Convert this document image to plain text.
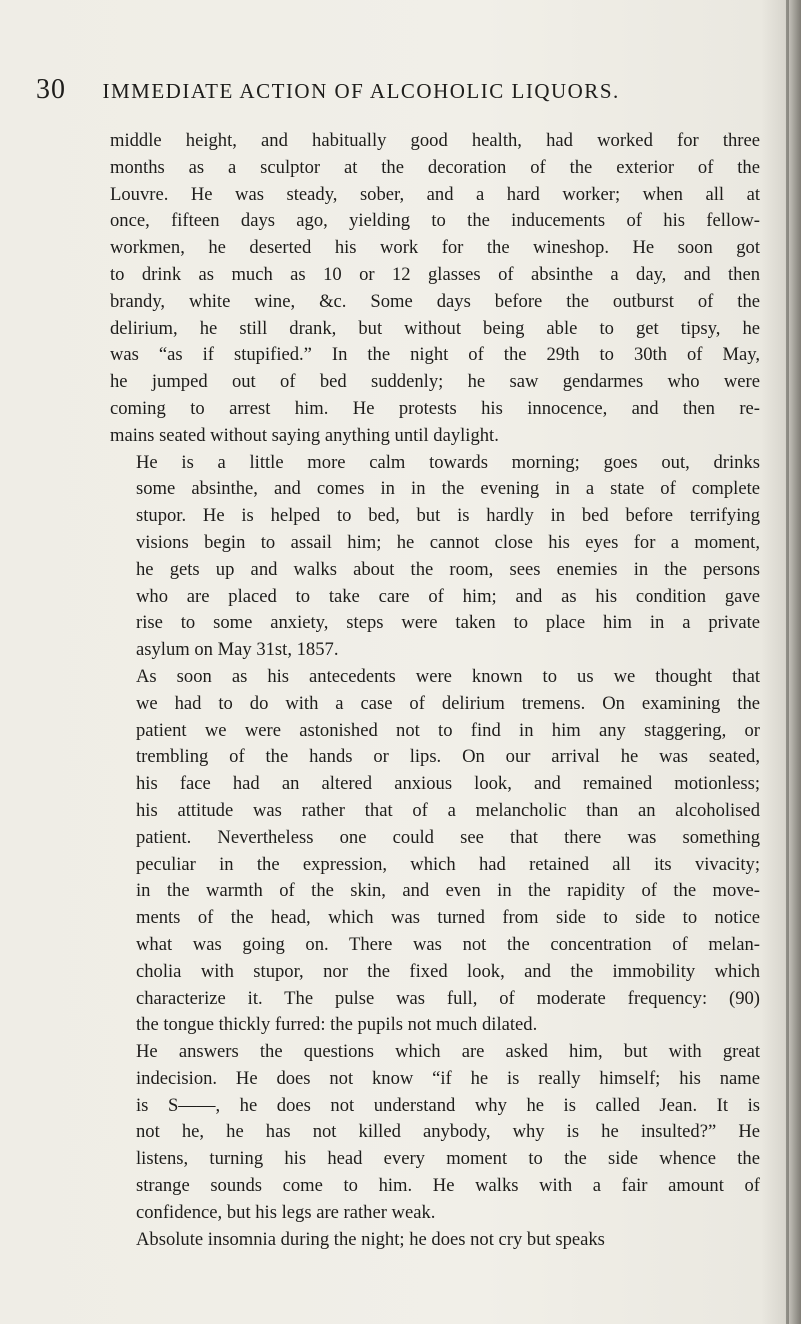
30 IMMEDIATE ACTION OF ALCOHOLIC LIQUORS.

middle height, and habitually good health, had worked for three
months as a sculptor at the decoration of the exterior of the
Louvre. He was steady, sober, and a hard worker; when all at
once, fifteen days ago, yielding to the inducements of his fellow-
workmen, he deserted his work for the wineshop. He soon got
to drink as much as 10 or 12 glasses of absinthe a day, and then
brandy, white wine, &c. Some days before the outburst of the
delirium, he still drank, but without being able to get tipsy, he
was “as if stupified.” In the night of the 29th to 30th of May,
he jumped out of bed suddenly; he saw gendarmes who were
coming to arrest him. He protests his innocence, and then re-
mains seated without saying anything until daylight.

He is a little more calm towards morning; goes out, drinks
some absinthe, and comes in in the evening in a state of complete
stupor. He is helped to bed, but is hardly in bed before terrifying
visions begin to assail him; he cannot close his eyes for a moment,
he gets up and walks about the room, sees enemies in the persons
who are placed to take care of him; and as his condition gave
rise to some anxiety, steps were taken to place him in a private
asylum on May 31st, 1857.

As soon as his antecedents were known to us we thought that
we had to do with a case of delirium tremens. On examining the
patient we were astonished not to find in him any staggering, or
trembling of the hands or lips. On our arrival he was seated,
his face had an altered anxious look, and remained motionless;
his attitude was rather that of a melancholic than an alcoholised
patient. Nevertheless one could see that there was something
peculiar in the expression, which had retained all its vivacity;
in the warmth of the skin, and even in the rapidity of the move-
ments of the head, which was turned from side to side to notice
what was going on. There was not the concentration of melan-
cholia with stupor, nor the fixed look, and the immobility which
characterize it. The pulse was full, of moderate frequency: (90)
the tongue thickly furred: the pupils not much dilated.

He answers the questions which are asked him, but with great
indecision. He does not know “if he is really himself; his name
is S——, he does not understand why he is called Jean. It is
not he, he has not killed anybody, why is he insulted?” He
listens, turning his head every moment to the side whence the
strange sounds come to him. He walks with a fair amount of
confidence, but his legs are rather weak.

Absolute insomnia during the night; he does not cry but speaks
